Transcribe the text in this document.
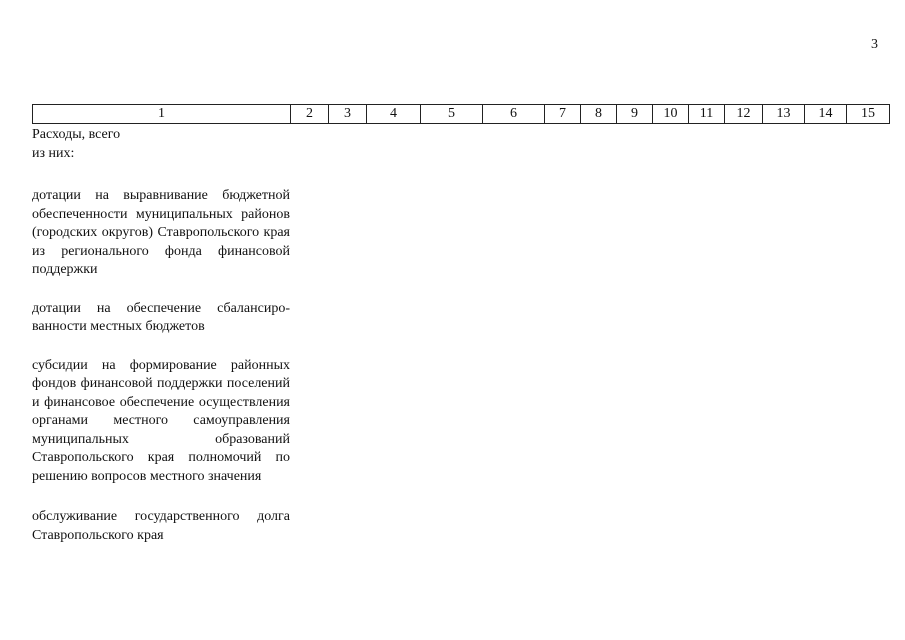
3
1	2	3	4	5	6	7	8	9	10	11	12	13	14	15

Расходы, всего

из них:

дотации на выравнивание бюджетной обеспеченности муниципальных районов (городских округов) Ставропольского края из регионального фонда финансовой поддержки

дотации на обеспечение сбалансированности местных бюджетов

субсидии на формирование районных фондов финансовой поддержки поселений и финансовое обеспечение осуществления органами местного самоуправления муниципальных образований Ставропольского края полномочий по решению вопросов местного значения

обслуживание государственного долга Ставропольского края
